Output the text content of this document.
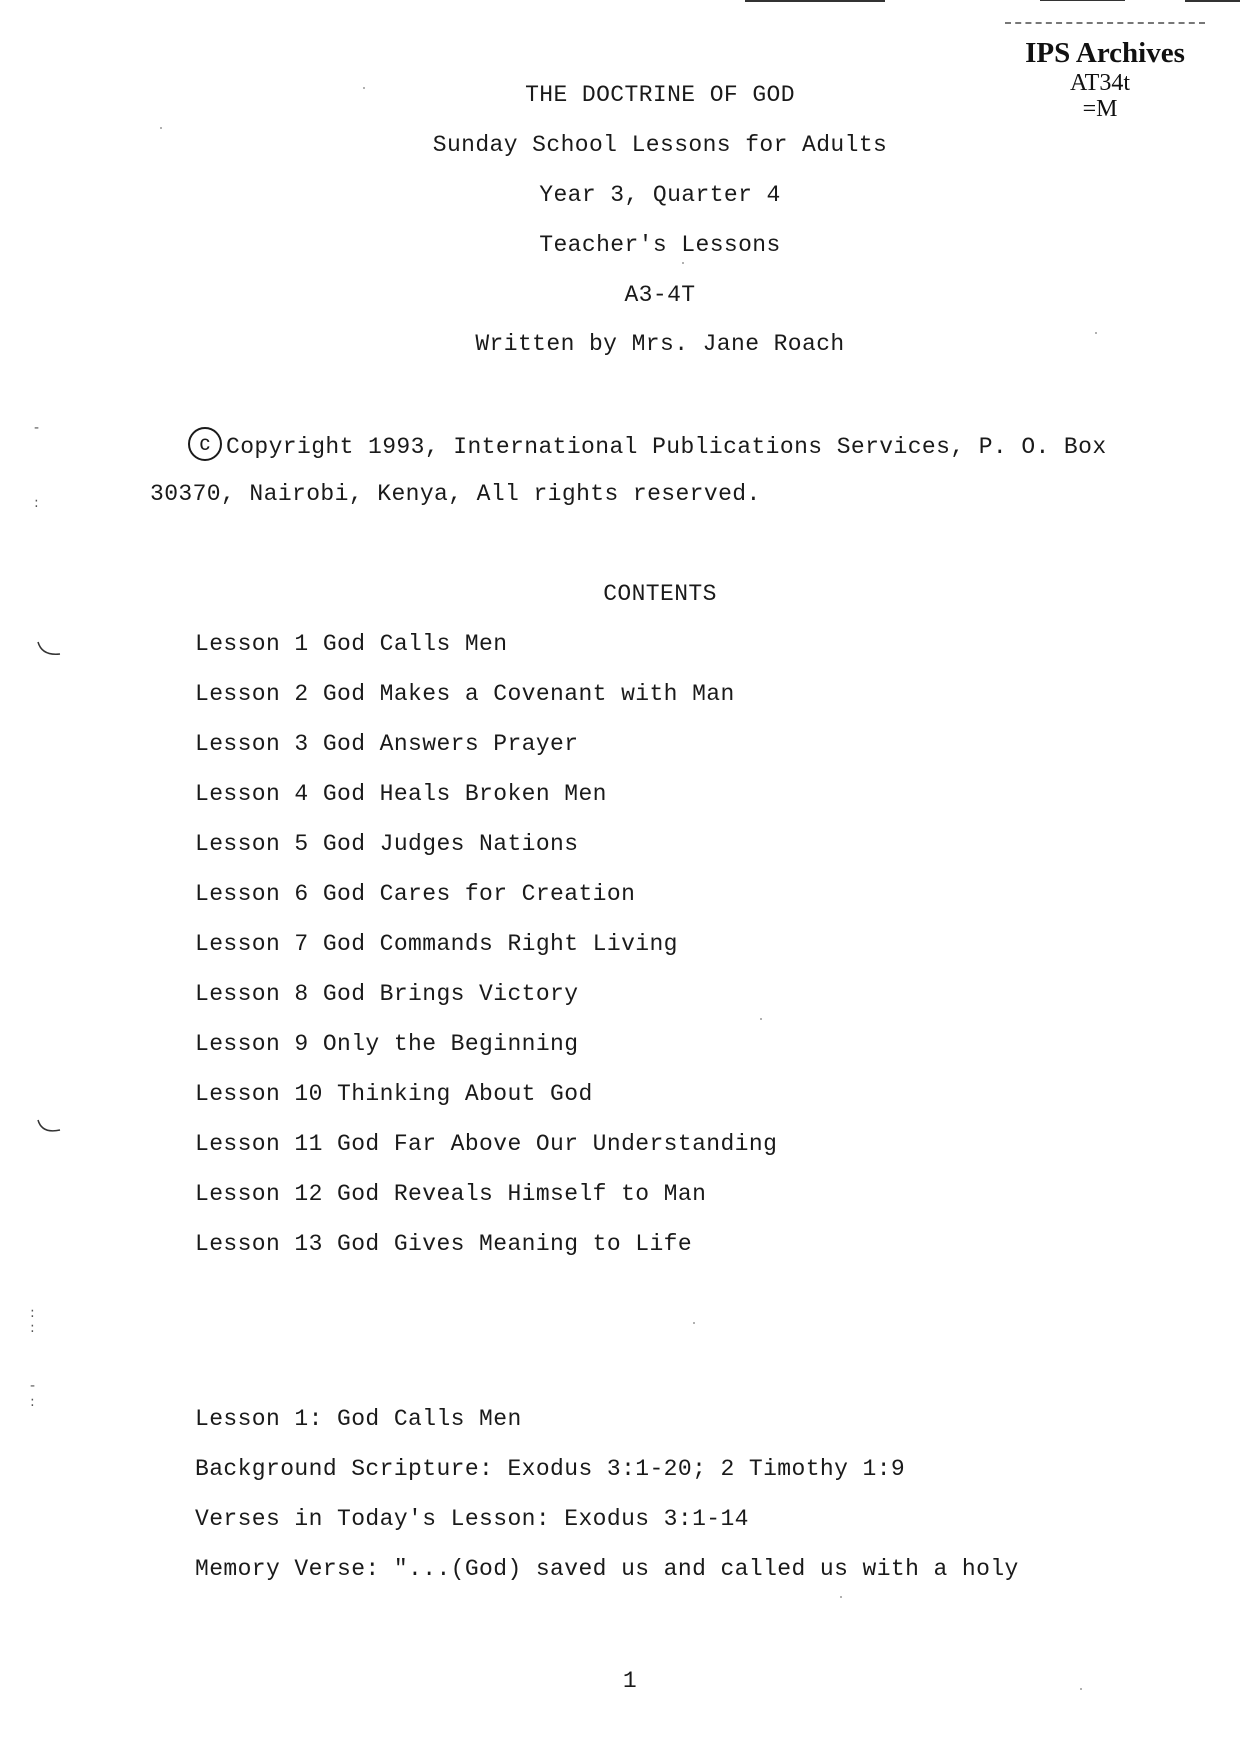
IPS Archives
AT34t
=M
THE DOCTRINE OF GOD
Sunday School Lessons for Adults
Year 3, Quarter 4
Teacher's Lessons
A3-4T
Written by Mrs. Jane Roach
c Copyright 1993, International Publications Services, P. O. Box
30370, Nairobi, Kenya, All rights reserved.
CONTENTS
Lesson 1 God Calls Men
Lesson 2 God Makes a Covenant with Man
Lesson 3 God Answers Prayer
Lesson 4 God Heals Broken Men
Lesson 5 God Judges Nations
Lesson 6 God Cares for Creation
Lesson 7 God Commands Right Living
Lesson 8 God Brings Victory
Lesson 9 Only the Beginning
Lesson 10 Thinking About God
Lesson 11 God Far Above Our Understanding
Lesson 12 God Reveals Himself to Man
Lesson 13 God Gives Meaning to Life
Lesson 1: God Calls Men
Background Scripture: Exodus 3:1-20; 2 Timothy 1:9
Verses in Today's Lesson: Exodus 3:1-14
Memory Verse: "...(God) saved us and called us with a holy
1
-
:
:
:
-
:
